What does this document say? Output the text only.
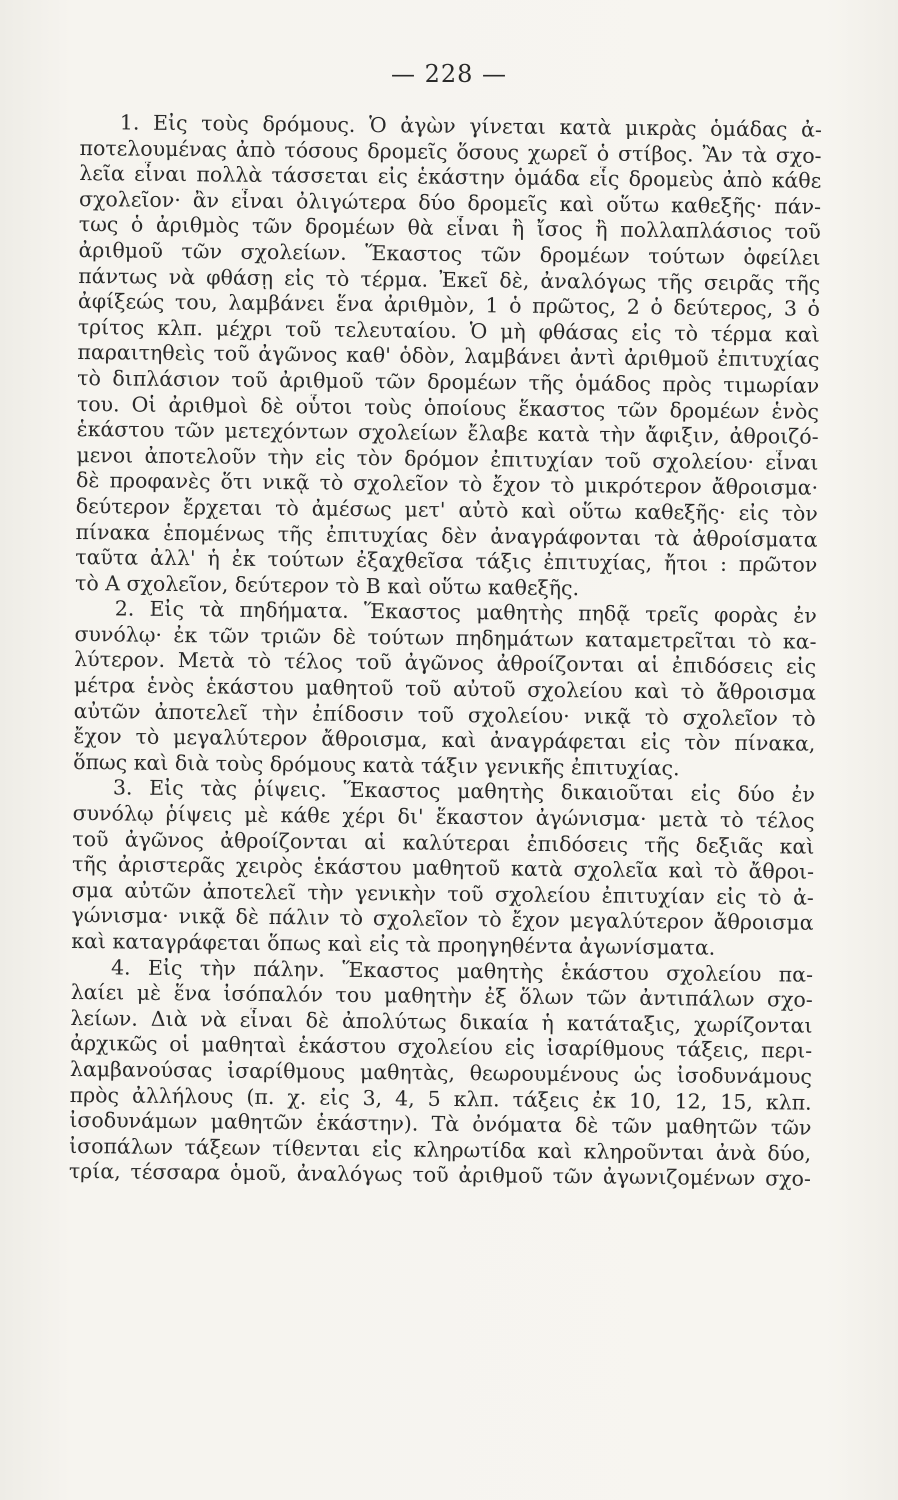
— 228 —
1. Εἰς τοὺς δρόμους. Ὁ ἀγὼν γίνεται κατὰ μικρὰς ὁμάδας ἀ-
ποτελουμένας ἀπὸ τόσους δρομεῖς ὅσους χωρεῖ ὁ στίβος. Ἂν τὰ σχο-
λεῖα εἶναι πολλὰ τάσσεται εἰς ἑκάστην ὁμάδα εἷς δρομεὺς ἀπὸ κάθε
σχολεῖον· ἂν εἶναι ὀλιγώτερα δύο δρομεῖς καὶ οὕτω καθεξῆς· πάν-
τως ὁ ἀριθμὸς τῶν δρομέων θὰ εἶναι ἢ ἴσος ἢ πολλαπλάσιος τοῦ
ἀριθμοῦ τῶν σχολείων. Ἕκαστος τῶν δρομέων τούτων ὀφείλει
πάντως νὰ φθάσῃ εἰς τὸ τέρμα. Ἐκεῖ δὲ, ἀναλόγως τῆς σειρᾶς τῆς
ἀφίξεώς του, λαμβάνει ἕνα ἀριθμὸν, 1 ὁ πρῶτος, 2 ὁ δεύτερος, 3 ὁ
τρίτος κλπ. μέχρι τοῦ τελευταίου. Ὁ μὴ φθάσας εἰς τὸ τέρμα καὶ
παραιτηθεὶς τοῦ ἀγῶνος καθ' ὁδὸν, λαμβάνει ἀντὶ ἀριθμοῦ ἐπιτυχίας
τὸ διπλάσιον τοῦ ἀριθμοῦ τῶν δρομέων τῆς ὁμάδος πρὸς τιμωρίαν
του. Οἱ ἀριθμοὶ δὲ οὗτοι τοὺς ὁποίους ἕκαστος τῶν δρομέων ἑνὸς
ἑκάστου τῶν μετεχόντων σχολείων ἔλαβε κατὰ τὴν ἄφιξιν, ἀθροιζό-
μενοι ἀποτελοῦν τὴν εἰς τὸν δρόμον ἐπιτυχίαν τοῦ σχολείου· εἶναι
δὲ προφανὲς ὅτι νικᾷ τὸ σχολεῖον τὸ ἔχον τὸ μικρότερον ἄθροισμα·
δεύτερον ἔρχεται τὸ ἀμέσως μετ' αὐτὸ καὶ οὕτω καθεξῆς· εἰς τὸν
πίνακα ἑπομένως τῆς ἐπιτυχίας δὲν ἀναγράφονται τὰ ἀθροίσματα
ταῦτα ἀλλ' ἡ ἐκ τούτων ἐξαχθεῖσα τάξις ἐπιτυχίας, ἤτοι : πρῶτον
τὸ Α σχολεῖον, δεύτερον τὸ Β καὶ οὕτω καθεξῆς.
2. Εἰς τὰ πηδήματα. Ἕκαστος μαθητὴς πηδᾷ τρεῖς φορὰς ἐν
συνόλῳ· ἐκ τῶν τριῶν δὲ τούτων πηδημάτων καταμετρεῖται τὸ κα-
λύτερον. Μετὰ τὸ τέλος τοῦ ἀγῶνος ἀθροίζονται αἱ ἐπιδόσεις εἰς
μέτρα ἑνὸς ἑκάστου μαθητοῦ τοῦ αὐτοῦ σχολείου καὶ τὸ ἄθροισμα
αὐτῶν ἀποτελεῖ τὴν ἐπίδοσιν τοῦ σχολείου· νικᾷ τὸ σχολεῖον τὸ
ἔχον τὸ μεγαλύτερον ἄθροισμα, καὶ ἀναγράφεται εἰς τὸν πίνακα,
ὅπως καὶ διὰ τοὺς δρόμους κατὰ τάξιν γενικῆς ἐπιτυχίας.
3. Εἰς τὰς ῥίψεις. Ἕκαστος μαθητὴς δικαιοῦται εἰς δύο ἐν
συνόλῳ ῥίψεις μὲ κάθε χέρι δι' ἕκαστον ἀγώνισμα· μετὰ τὸ τέλος
τοῦ ἀγῶνος ἀθροίζονται αἱ καλύτεραι ἐπιδόσεις τῆς δεξιᾶς καὶ
τῆς ἀριστερᾶς χειρὸς ἑκάστου μαθητοῦ κατὰ σχολεῖα καὶ τὸ ἄθροι-
σμα αὐτῶν ἀποτελεῖ τὴν γενικὴν τοῦ σχολείου ἐπιτυχίαν εἰς τὸ ἀ-
γώνισμα· νικᾷ δὲ πάλιν τὸ σχολεῖον τὸ ἔχον μεγαλύτερον ἄθροισμα
καὶ καταγράφεται ὅπως καὶ εἰς τὰ προηγηθέντα ἀγωνίσματα.
4. Εἰς τὴν πάλην. Ἕκαστος μαθητὴς ἑκάστου σχολείου πα-
λαίει μὲ ἕνα ἰσόπαλόν του μαθητὴν ἐξ ὅλων τῶν ἀντιπάλων σχο-
λείων. Διὰ νὰ εἶναι δὲ ἀπολύτως δικαία ἡ κατάταξις, χωρίζονται
ἀρχικῶς οἱ μαθηταὶ ἑκάστου σχολείου εἰς ἰσαρίθμους τάξεις, περι-
λαμβανούσας ἰσαρίθμους μαθητὰς, θεωρουμένους ὡς ἰσοδυνάμους
πρὸς ἀλλήλους (π. χ. εἰς 3, 4, 5 κλπ. τάξεις ἐκ 10, 12, 15, κλπ.
ἰσοδυνάμων μαθητῶν ἑκάστην). Τὰ ὀνόματα δὲ τῶν μαθητῶν τῶν
ἰσοπάλων τάξεων τίθενται εἰς κληρωτίδα καὶ κληροῦνται ἀνὰ δύο,
τρία, τέσσαρα ὁμοῦ, ἀναλόγως τοῦ ἀριθμοῦ τῶν ἀγωνιζομένων σχο-
